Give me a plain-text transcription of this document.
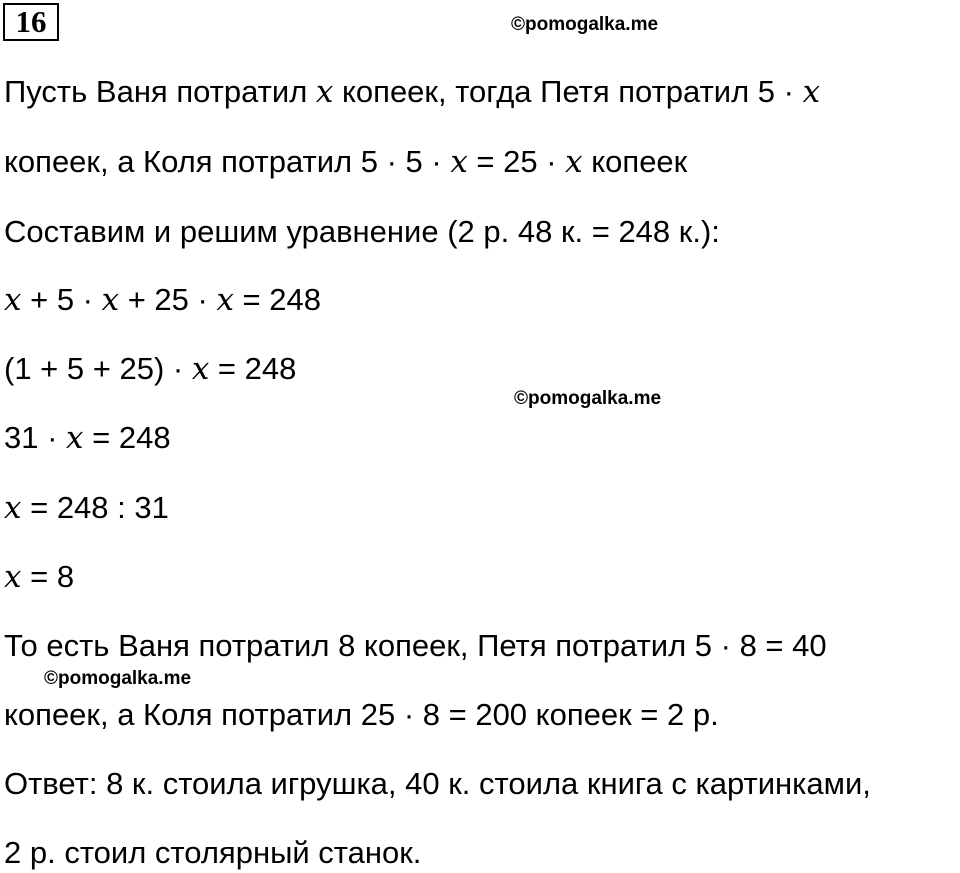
16	©pomogalka.me
©pomogalka.me
©pomogalka.me
Пусть Ваня потратил x копеек, тогда Петя потратил 5 · x
копеек, а Коля потратил 5 · 5 · x = 25 · x копеек
Составим и решим уравнение (2 р. 48 к. = 248 к.):
x + 5 · x + 25 · x = 248
(1 + 5 + 25) · x = 248
31 · x = 248
x = 248 : 31
x = 8
То есть Ваня потратил 8 копеек, Петя потратил 5 · 8 = 40
копеек, а Коля потратил 25 · 8 = 200 копеек = 2 р.
Ответ: 8 к. стоила игрушка, 40 к. стоила книга с картинками,
2 р. стоил столярный станок.
